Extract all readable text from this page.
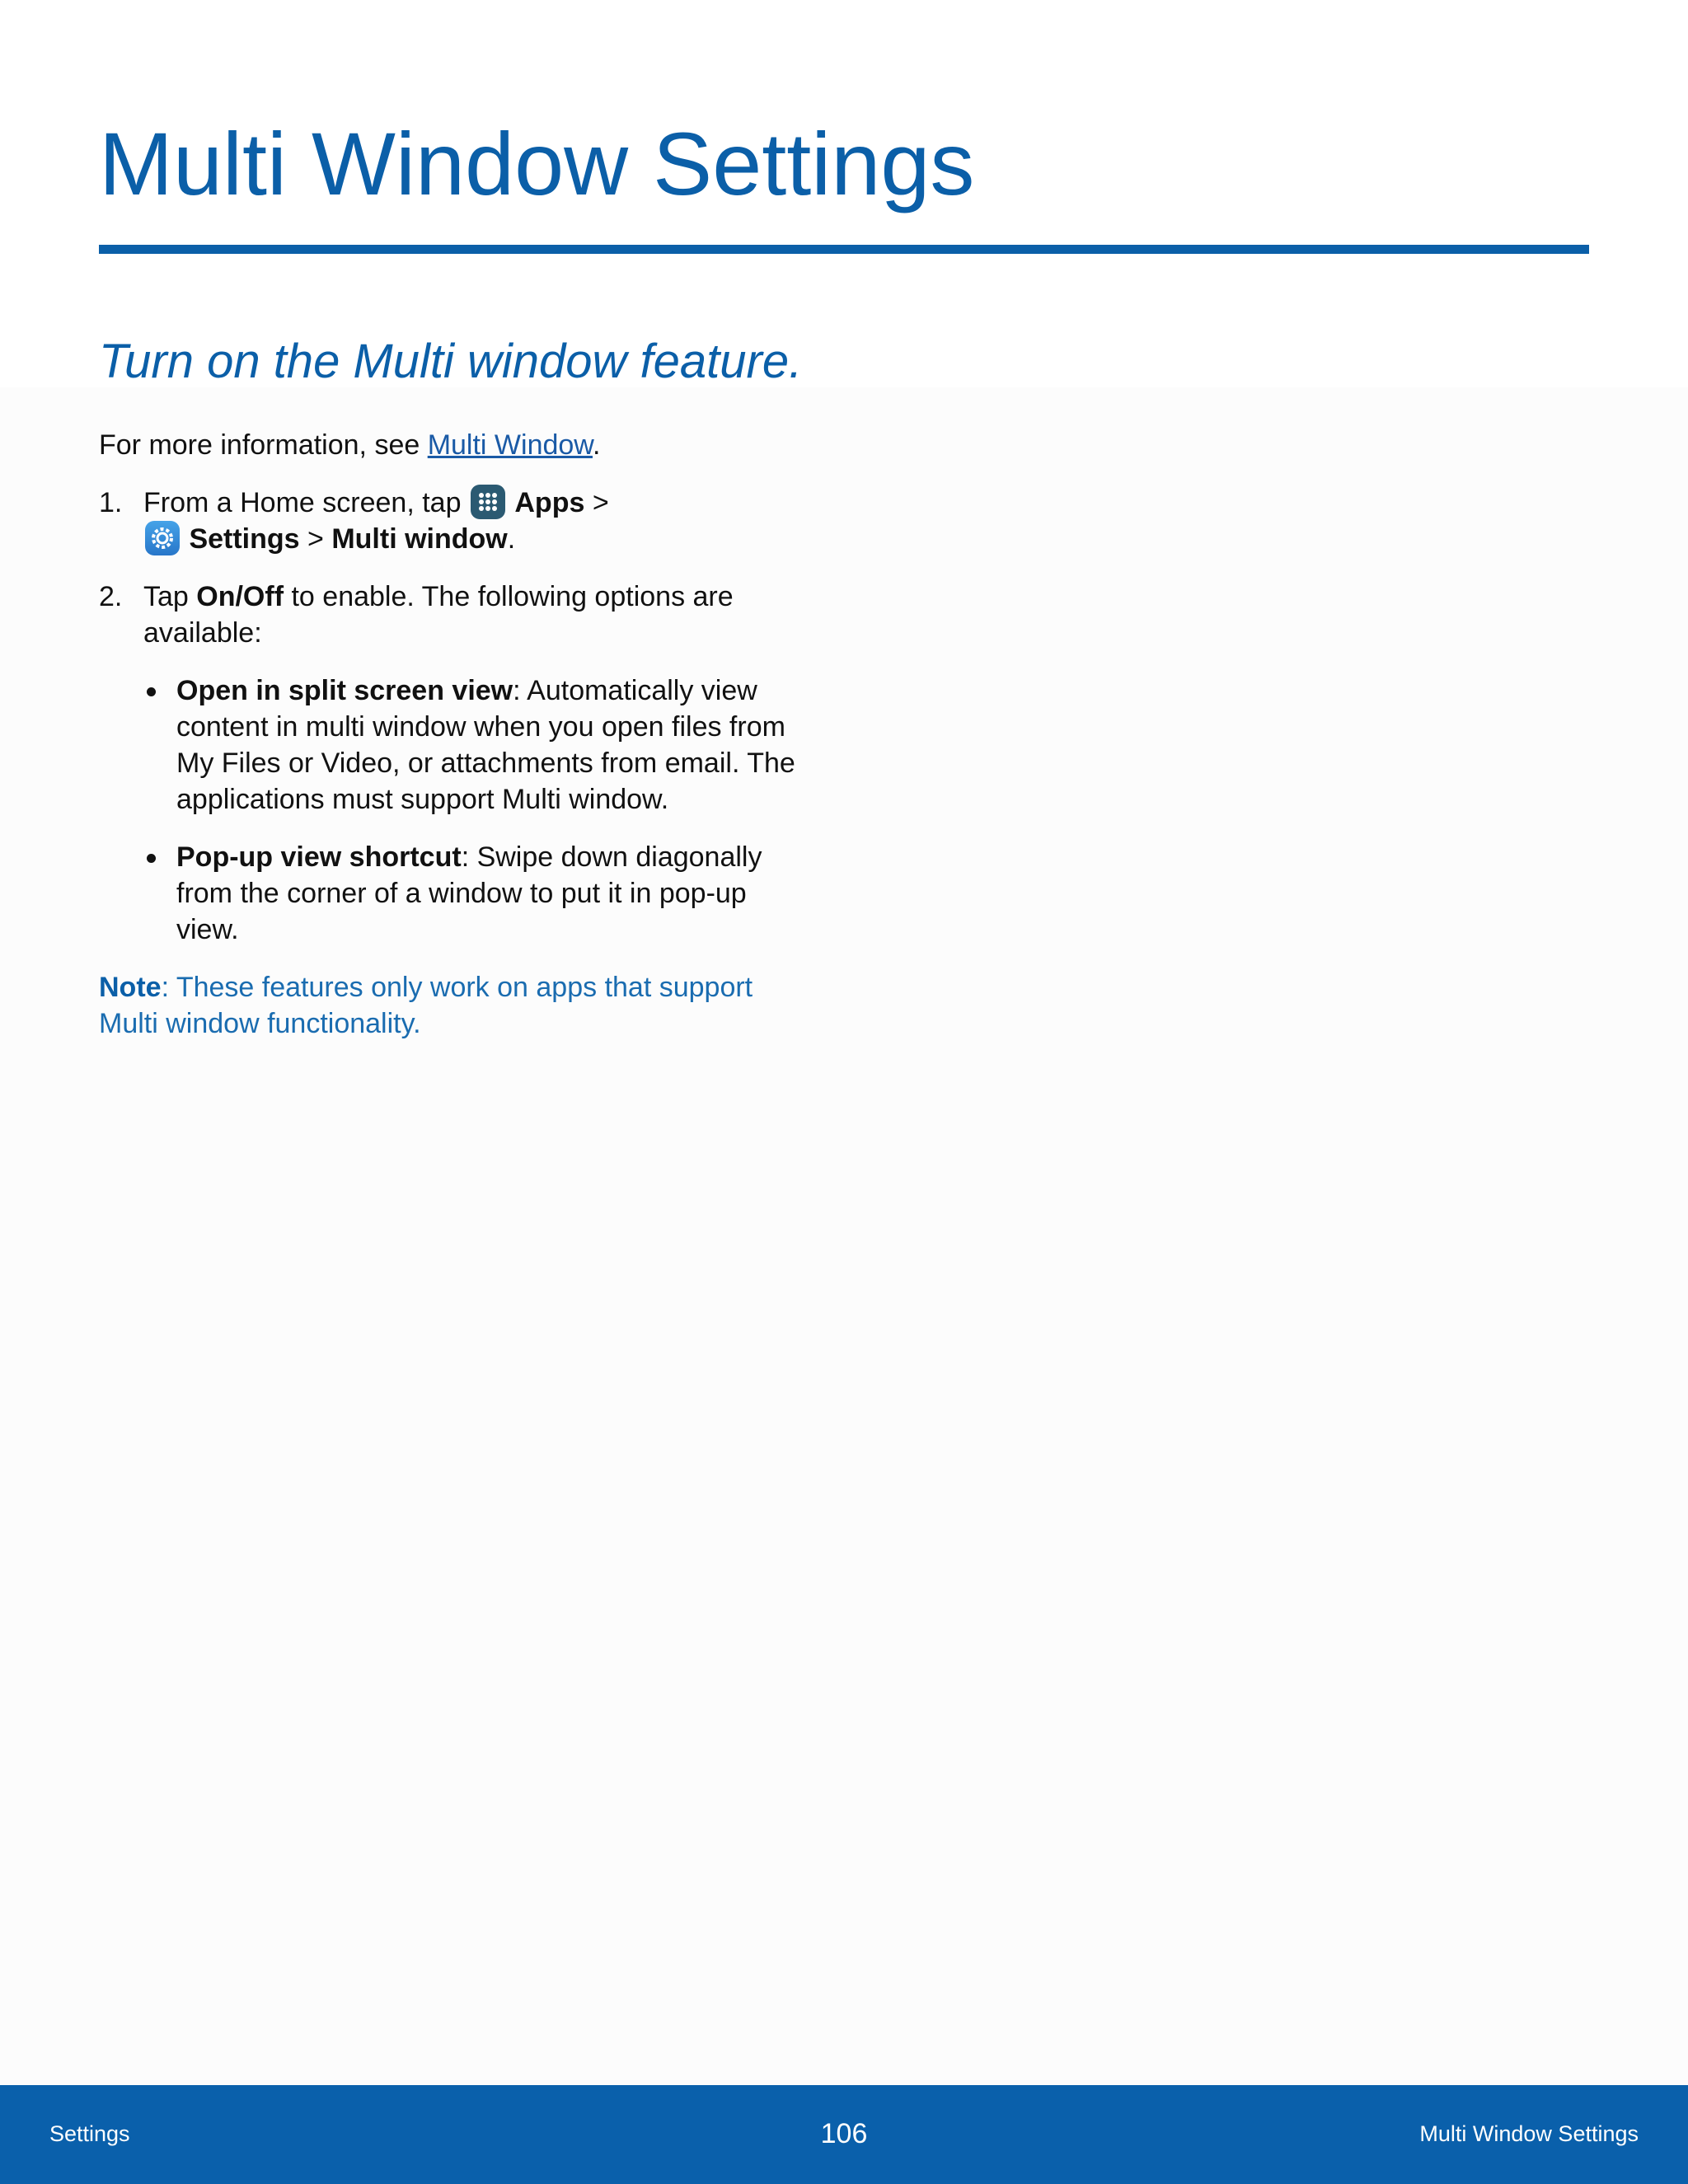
Multi Window Settings
Turn on the Multi window feature.

For more information, see Multi Window.

1. From a Home screen, tap  Apps >
Settings > Multi window.
2. Tap On/Off to enable. The following options are available:
Open in split screen view: Automatically view content in multi window when you open files from My Files or Video, or attachments from email. The applications must support Multi window.
Pop-up view shortcut: Swipe down diagonally from the corner of a window to put it in pop-up view.

Note: These features only work on apps that support Multi window functionality.

Settings	106	Multi Window Settings
